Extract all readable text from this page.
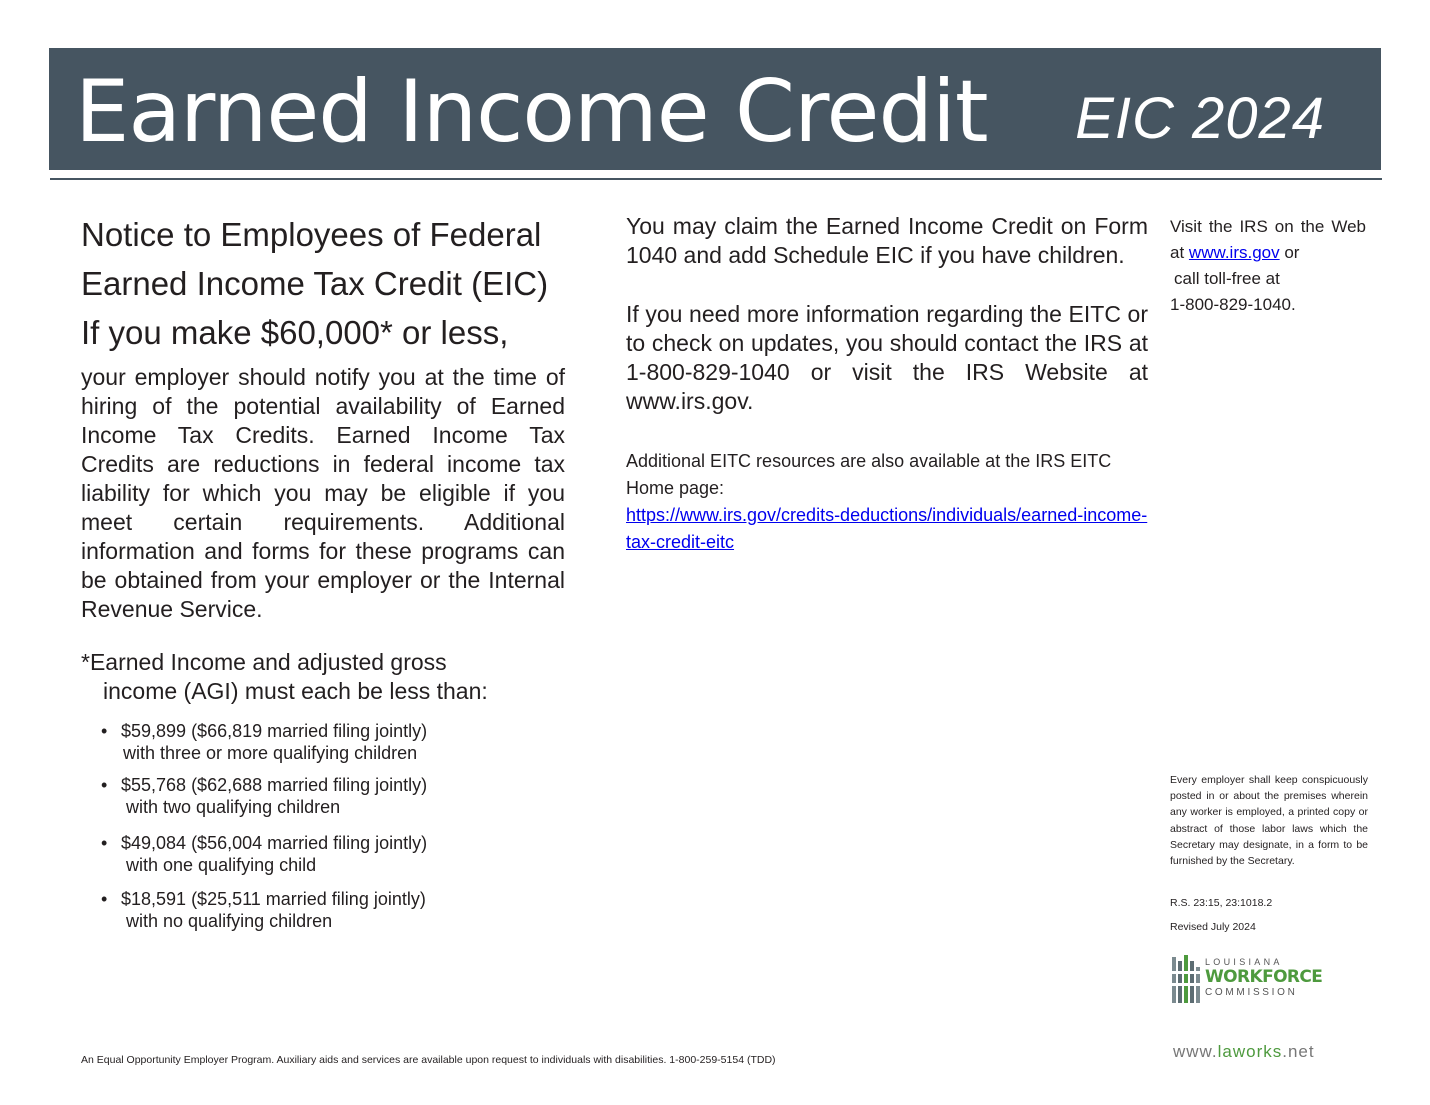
Earned Income Credit EIC 2024
Notice to Employees of Federal
Earned Income Tax Credit (EIC)
If you make $60,000* or less,
your employer should notify you at the time of hiring of the potential availability of Earned Income Tax Credits. Earned Income Tax Credits are reductions in federal income tax liability for which you may be eligible if you meet certain requirements. Additional information and forms for these programs can be obtained from your employer or the Internal Revenue Service.
*Earned Income and adjusted gross
income (AGI) must each be less than:
• $59,899 ($66,819 married filing jointly)
with three or more qualifying children
• $55,768 ($62,688 married filing jointly)
with two qualifying children
• $49,084 ($56,004 married filing jointly)
with one qualifying child
• $18,591 ($25,511 married filing jointly)
with no qualifying children
You may claim the Earned Income Credit on Form 1040 and add Schedule EIC if you have children.
If you need more information regarding the EITC or to check on updates, you should contact the IRS at 1-800-829-1040 or visit the IRS Website at www.irs.gov.
Additional EITC resources are also available at the IRS EITC Home page:
https://www.irs.gov/credits-deductions/individuals/earned-income-tax-credit-eitc
Visit the IRS on the Web at www.irs.gov or
call toll-free at
1-800-829-1040.
Every employer shall keep conspicuously posted in or about the premises wherein any worker is employed, a printed copy or abstract of those labor laws which the Secretary may designate, in a form to be furnished by the Secretary.
R.S. 23:15, 23:1018.2
Revised July 2024
LOUISIANA
WORKFORCE
COMMISSION
www.laworks.net
An Equal Opportunity Employer Program. Auxiliary aids and services are available upon request to individuals with disabilities. 1-800-259-5154 (TDD)
